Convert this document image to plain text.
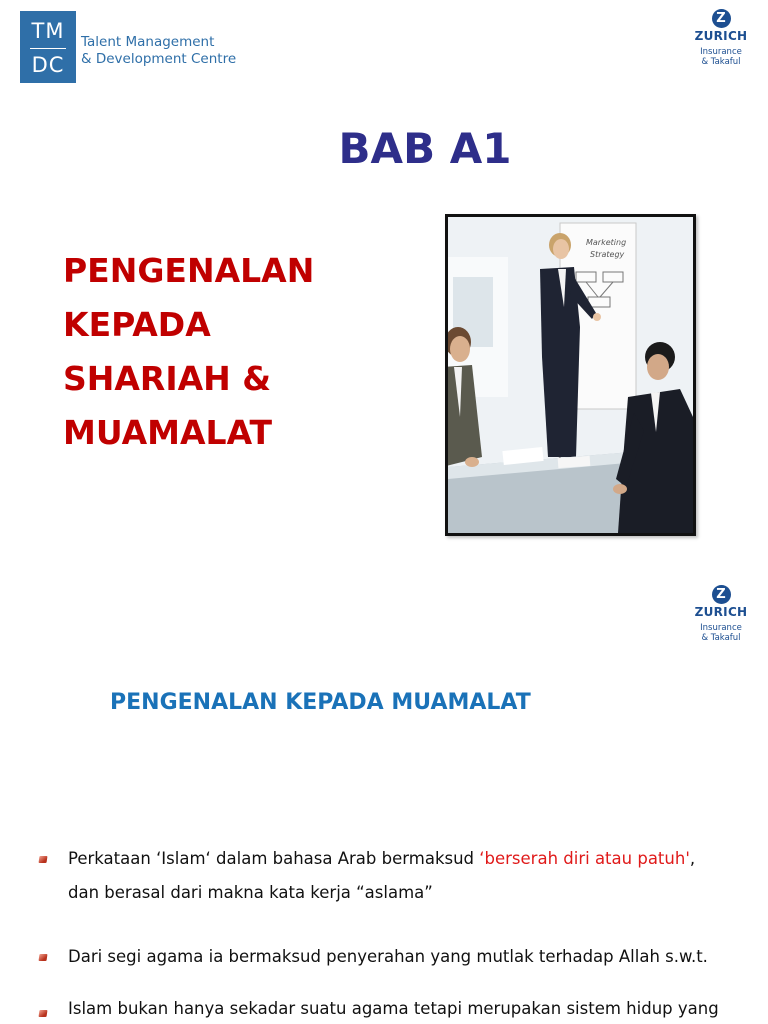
TM
DC
Talent Management
& Development Centre
Z
ZURICH
Insurance
& Takaful
BAB A1
PENGENALAN
KEPADA
SHARIAH &
MUAMALAT
Marketing
Strategy
Z
ZURICH
Insurance
& Takaful
PENGENALAN KEPADA MUAMALAT
Perkataan ‘Islam‘ dalam bahasa Arab bermaksud ‘berserah diri atau patuh',
dan berasal dari makna kata kerja “aslama”
Dari segi agama ia bermaksud penyerahan yang mutlak terhadap Allah s.w.t.
Islam bukan hanya sekadar suatu agama tetapi merupakan sistem hidup yang
